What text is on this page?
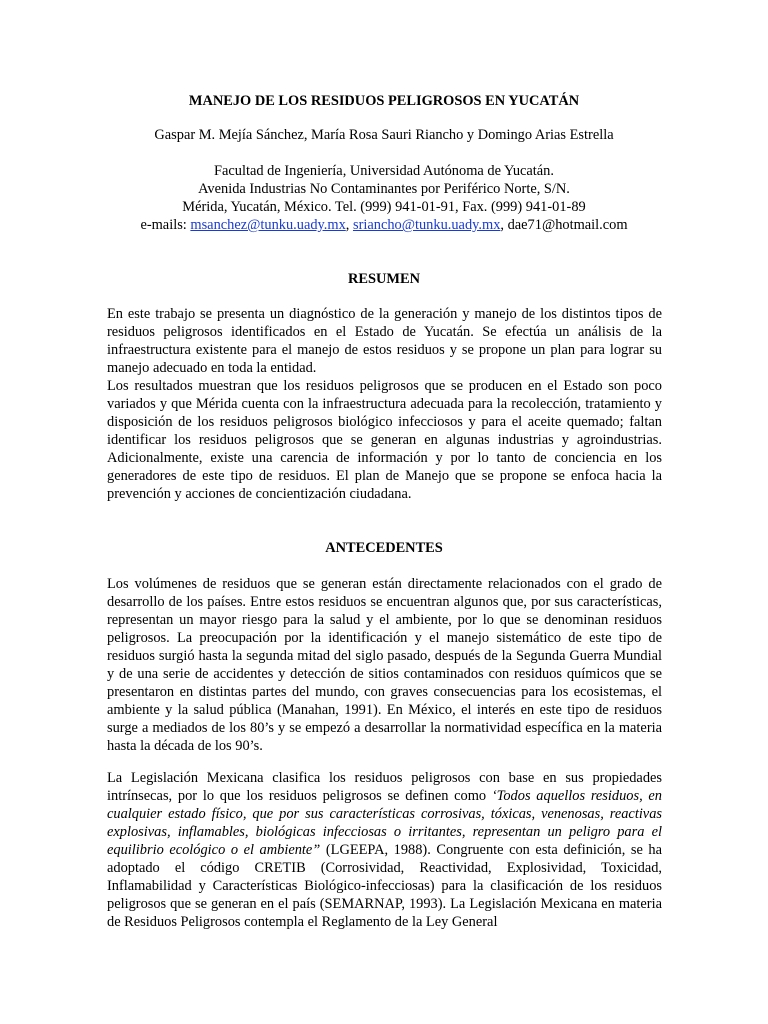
MANEJO DE LOS RESIDUOS PELIGROSOS EN YUCATÁN
Gaspar M. Mejía Sánchez, María Rosa Sauri Riancho y Domingo Arias Estrella
Facultad de Ingeniería, Universidad Autónoma de Yucatán.
Avenida Industrias No Contaminantes por Periférico Norte, S/N.
Mérida, Yucatán, México. Tel. (999) 941-01-91, Fax. (999) 941-01-89
e-mails: msanchez@tunku.uady.mx, sriancho@tunku.uady.mx, dae71@hotmail.com
RESUMEN

En este trabajo se presenta un diagnóstico de la generación y manejo de los distintos tipos de residuos peligrosos identificados en el Estado de Yucatán. Se efectúa un análisis de la infraestructura existente para el manejo de estos residuos y se propone un plan para lograr su manejo adecuado en toda la entidad.

Los resultados muestran que los residuos peligrosos que se producen en el Estado son poco variados y que Mérida cuenta con la infraestructura adecuada para la recolección, tratamiento y disposición de los residuos peligrosos biológico infecciosos y para el aceite quemado; faltan identificar los residuos peligrosos que se generan en algunas industrias y agroindustrias. Adicionalmente, existe una carencia de información y por lo tanto de conciencia en los generadores de este tipo de residuos. El plan de Manejo que se propone se enfoca hacia la prevención y acciones de concientización ciudadana.

ANTECEDENTES

Los volúmenes de residuos que se generan están directamente relacionados con el grado de desarrollo de los países. Entre estos residuos se encuentran algunos que, por sus características, representan un mayor riesgo para la salud y el ambiente, por lo que se denominan residuos peligrosos. La preocupación por la identificación y el manejo sistemático de este tipo de residuos surgió hasta la segunda mitad del siglo pasado, después de la Segunda Guerra Mundial y de una serie de accidentes y detección de sitios contaminados con residuos químicos que se presentaron en distintas partes del mundo, con graves consecuencias para los ecosistemas, el ambiente y la salud pública (Manahan, 1991). En México, el interés en este tipo de residuos surge a mediados de los 80’s y se empezó a desarrollar la normatividad específica en la materia hasta la década de los 90’s.

La Legislación Mexicana clasifica los residuos peligrosos con base en sus propiedades intrínsecas, por lo que los residuos peligrosos se definen como ‘Todos aquellos residuos, en cualquier estado físico, que por sus características corrosivas, tóxicas, venenosas, reactivas explosivas, inflamables, biológicas infecciosas o irritantes, representan un peligro para el equilibrio ecológico o el ambiente” (LGEEPA, 1988). Congruente con esta definición, se ha adoptado el código CRETIB (Corrosividad, Reactividad, Explosividad, Toxicidad, Inflamabilidad y Características Biológico-infecciosas) para la clasificación de los residuos peligrosos que se generan en el país (SEMARNAP, 1993). La Legislación Mexicana en materia de Residuos Peligrosos contempla el Reglamento de la Ley General
